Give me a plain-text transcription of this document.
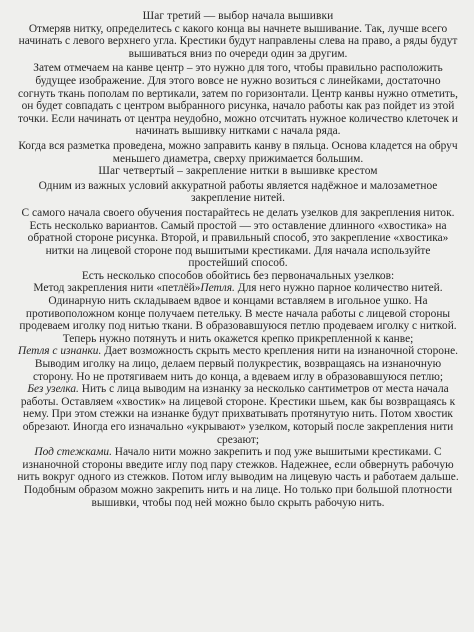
Шаг третий — выбор начала вышивки

Отмеряв нитку, определитесь с какого конца вы начнете вышивание. Так, лучше всего начинать с левого верхнего угла. Крестики будут направлены слева на право, а ряды будут вышиваться вниз по очереди один за другим.

Затем отмечаем на канве центр – это нужно для того, чтобы правильно расположить будущее изображение. Для этого вовсе не нужно возиться с линейками, достаточно согнуть ткань пополам по вертикали, затем по горизонтали. Центр канвы нужно отметить, он будет совпадать с центром выбранного рисунка, начало работы как раз пойдет из этой точки. Если начинать от центра неудобно, можно отсчитать нужное количество клеточек и начинать вышивку нитками с начала ряда.

Когда вся разметка проведена, можно заправить канву в пяльца. Основа кладется на обруч меньшего диаметра, сверху прижимается большим.

Шаг четвертый – закрепление нитки в вышивке крестом

Одним из важных условий аккуратной работы является надёжное и малозаметное закрепление нитей.

С самого начала своего обучения постарайтесь не делать узелков для закрепления ниток. Есть несколько вариантов. Самый простой — это оставление длинного «хвостика» на обратной стороне рисунка. Второй, и правильный способ, это закрепление «хвостика» нитки на лицевой стороне под вышитыми крестиками. Для начала используйте простейший способ.

Есть несколько способов обойтись без первоначальных узелков:

Метод закрепления нити «петлёй»Петля. Для него нужно парное количество нитей. Одинарную нить складываем вдвое и концами вставляем в игольное ушко. На противоположном конце получаем петельку. В месте начала работы с лицевой стороны продеваем иголку под нитью ткани. В образовавшуюся петлю продеваем иголку с ниткой. Теперь нужно потянуть и нить окажется крепко прикрепленной к канве;

Петля с изнанки. Дает возможность скрыть место крепления нити на изнаночной стороне. Выводим иголку на лицо, делаем первый полукрестик, возвращаясь на изнаночную сторону. Но не протягиваем нить до конца, а вдеваем иглу в образовавшуюся петлю;

Без узелка. Нить с лица выводим на изнанку за несколько сантиметров от места начала работы. Оставляем «хвостик» на лицевой стороне. Крестики шьем, как бы возвращаясь к нему. При этом стежки на изнанке будут прихватывать протянутую нить. Потом хвостик обрезают. Иногда его изначально «укрывают» узелком, который после закрепления нити срезают;

Под стежками. Начало нити можно закрепить и под уже вышитыми крестиками. С изнаночной стороны введите иглу под пару стежков. Надежнее, если обвернуть рабочую нить вокруг одного из стежков. Потом иглу выводим на лицевую часть и работаем дальше. Подобным образом можно закрепить нить и на лице. Но только при большой плотности вышивки, чтобы под ней можно было скрыть рабочую нить.
